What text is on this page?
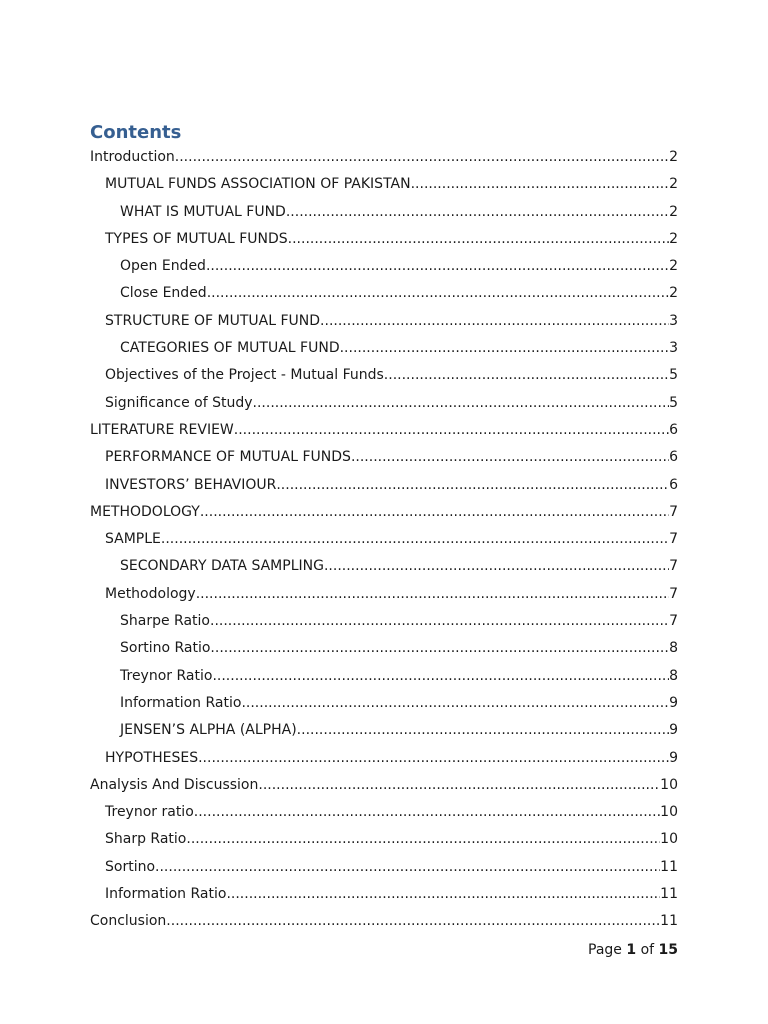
Contents
Introduction .....	2
MUTUAL FUNDS ASSOCIATION OF PAKISTAN .....	2
WHAT IS MUTUAL FUND .....	2
TYPES OF MUTUAL FUNDS .....	2
Open Ended .....	2
Close Ended .....	2
STRUCTURE OF MUTUAL FUND .....	3
CATEGORIES OF MUTUAL FUND .....	3
Objectives of the Project - Mutual Funds .....	5
Significance of Study .....	5
LITERATURE REVIEW .....	6
PERFORMANCE OF MUTUAL FUNDS .....	6
INVESTORS’ BEHAVIOUR .....	6
METHODOLOGY .....	7
SAMPLE .....	7
SECONDARY DATA SAMPLING .....	7
Methodology .....	7
Sharpe Ratio .....	7
Sortino Ratio .....	8
Treynor Ratio .....	8
Information Ratio .....	9
JENSEN’S ALPHA (ALPHA) .....	9
HYPOTHESES .....	9
Analysis And Discussion .....	10
Treynor ratio .....	10
Sharp Ratio .....	10
Sortino .....	11
Information Ratio .....	11
Conclusion .....	11
Page 1 of 15
